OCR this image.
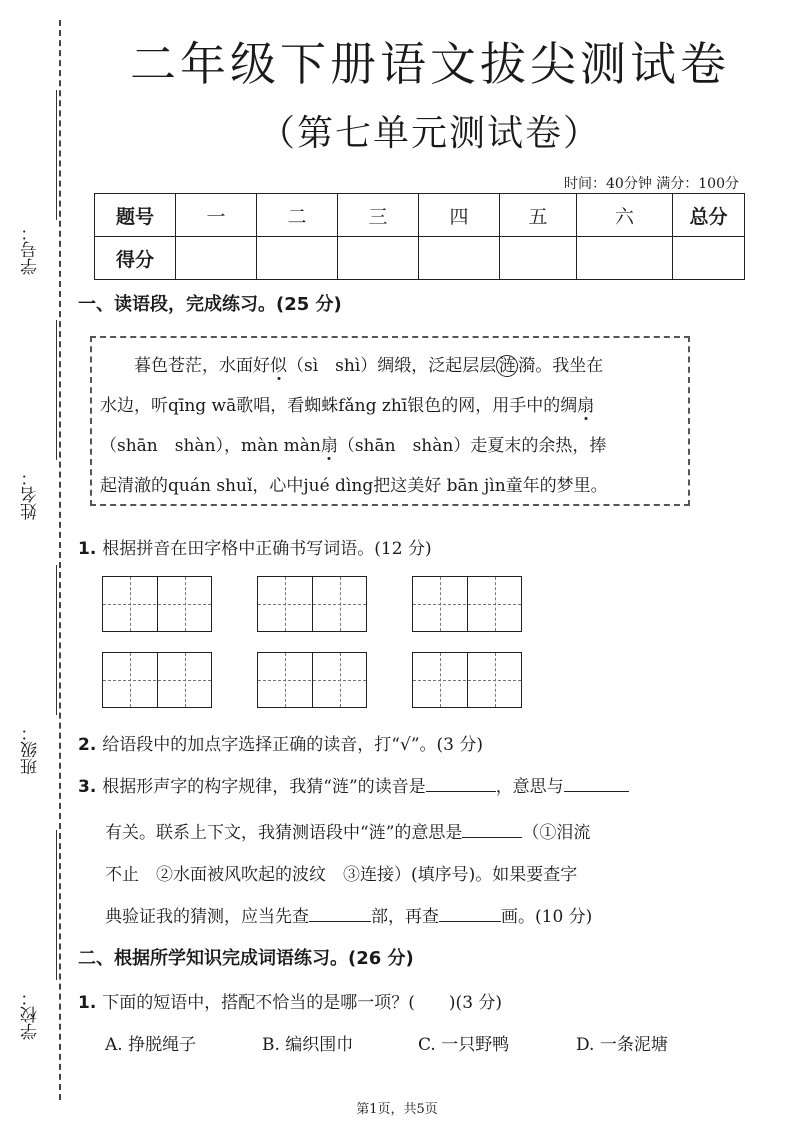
学号：
姓名：
班级：
学校：
二年级下册语文拔尖测试卷
（第七单元测试卷）
时间：40分钟 满分：100分
题号	一	二	三	四	五	六	总分
得分							
一、读语段，完成练习。(25 分)
暮色苍茫，水面好似（sì　shì）绸缎，泛起层层 涟 漪。我坐在
水边，听qīng wā歌唱，看蜘蛛fǎng zhī银色的网，用手中的绸扇
（shān　shàn），màn màn扇（shān　shàn）走夏末的余热，捧
起清澈的quán shuǐ，心中jué dìng把这美好 bān jìn童年的梦里。
1. 根据拼音在田字格中正确书写词语。(12 分)
2. 给语段中的加点字选择正确的读音，打“√”。(3 分)
3. 根据形声字的构字规律，我猜“涟”的读音是	，意思与
有关。联系上下文，我猜测语段中“涟”的意思是	（①泪流
不止　②水面被风吹起的波纹　③连接）(填序号)。如果要查字
典验证我的猜测，应当先查	部，再查	画。(10 分)
二、根据所学知识完成词语练习。(26 分)
1. 下面的短语中，搭配不恰当的是哪一项？(　　)(3 分)
A. 挣脱绳子	B. 编织围巾	C. 一只野鸭	D. 一条泥塘
第1页，共5页
